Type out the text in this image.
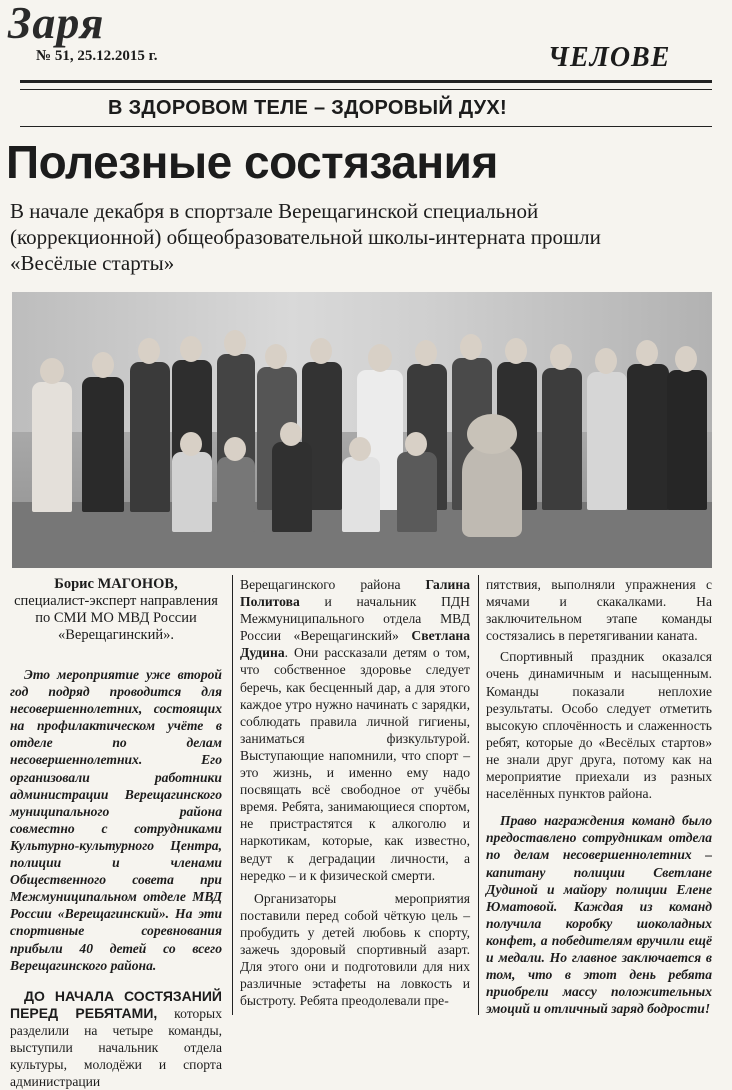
Заря
№ 51, 25.12.2015 г.	ЧЕЛОВЕ
В ЗДОРОВОМ ТЕЛЕ – ЗДОРОВЫЙ ДУХ!
Полезные состязания
В начале декабря в спортзале Верещагинской специальной (коррекционной) общеобразовательной школы-интерната прошли «Весёлые старты»
Борис МАГОНОВ,
специалист-эксперт направления по СМИ МО МВД России «Верещагинский».

Это мероприятие уже второй год подряд проводится для несовершеннолетних, состоящих на профилактическом учёте в отделе по делам несовершеннолетних. Его организовали работники администрации Верещагинского муниципального района совместно с сотрудниками Культурно-культурного Центра, полиции и членами Общественного совета при Межмуниципальном отделе МВД России «Верещагинский». На эти спортивные соревнования прибыли 40 детей со всего Верещагинского района.

ДО НАЧАЛА СОСТЯЗАНИЙ ПЕРЕД РЕБЯТАМИ, которых разделили на четыре команды, выступили начальник отдела культуры, молодёжи и спорта администрации

Верещагинского района Галина Политова и начальник ПДН Межмуниципального отдела МВД России «Верещагинский» Светлана Дудина. Они рассказали детям о том, что собственное здоровье следует беречь, как бесценный дар, а для этого каждое утро нужно начинать с зарядки, соблюдать правила личной гигиены, заниматься физкультурой. Выступающие напомнили, что спорт – это жизнь, и именно ему надо посвящать всё свободное от учёбы время. Ребята, занимающиеся спортом, не пристрастятся к алкоголю и наркотикам, которые, как известно, ведут к деградации личности, а нередко – и к физической смерти.

Организаторы мероприятия поставили перед собой чёткую цель – пробудить у детей любовь к спорту, зажечь здоровый спортивный азарт. Для этого они и подготовили для них различные эстафеты на ловкость и быстроту. Ребята преодолевали пре-

пятствия, выполняли упражнения с мячами и скакалками. На заключительном этапе команды состязались в перетягивании каната.

Спортивный праздник оказался очень динамичным и насыщенным. Команды показали неплохие результаты. Особо следует отметить высокую сплочённость и слаженность ребят, которые до «Весёлых стартов» не знали друг друга, потому как на мероприятие приехали из разных населённых пунктов района.

Право награждения команд было предоставлено сотрудникам отдела по делам несовершеннолетних – капитану полиции Светлане Дудиной и майору полиции Елене Юматовой. Каждая из команд получила коробку шоколадных конфет, а победителям вручили ещё и медали. Но главное заключается в том, что в этот день ребята приобрели массу положительных эмоций и отличный заряд бодрости!
